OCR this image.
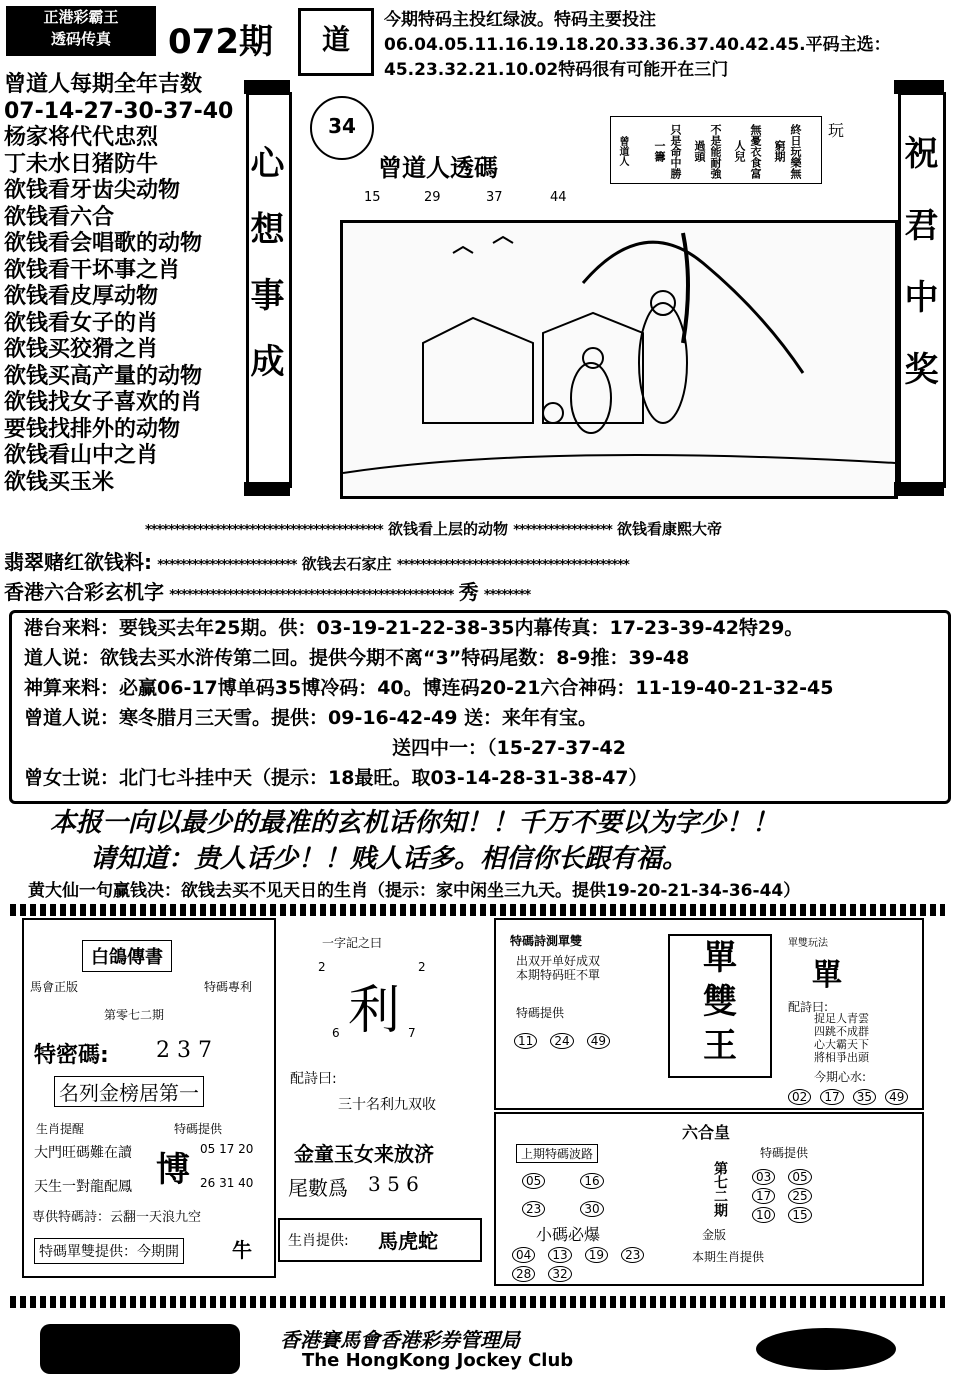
正港彩霸王
透码传真	072期	道
今期特码主投红绿波。特码主要投注06.04.05.11.16.19.18.20.33.36.37.40.42.45.平码主选：45.23.32.21.10.02特码很有可能开在三门
曾道人每期全年吉数
07-14-27-30-37-40
杨家将代代忠烈
丁未水日猪防牛
欲钱看牙齿尖动物
欲钱看六合
欲钱看会唱歌的动物
欲钱看干坏事之肖
欲钱看皮厚动物
欲钱看女子的肖
欲钱买狡猾之肖
欲钱买高产量的动物
欲钱找女子喜欢的肖
要钱找排外的动物
欲钱看山中之肖
欲钱买玉米
心想事成
34
曾道人透碼
15	29	37	44
曾道人	只是命中勝一籌	不是能耐強過頭	無憂衣食富人兒	終日玩樂無窮期
玩
祝君中奖
***************************************** 欲钱看上层的动物 ***************** 欲钱看康熙大帝
翡翠赌红欲钱料: ************************ 欲钱去石家庄 ****************************************
香港六合彩玄机字 ************************************************* 秀 ********
港台来料：要钱买去年25期。供：03-19-21-22-38-35内幕传真：17-23-39-42特29。
道人说：欲钱去买水浒传第二回。提供今期不离“3”特码尾数：8-9推：39-48
神算来料：必赢06-17博单码35博冷码：40。博连码20-21六合神码：11-19-40-21-32-45
曾道人说：寒冬腊月三天雪。提供：09-16-42-49 送：来年有宝。
送四中一：（15-27-37-42
曾女士说：北门七斗挂中天（提示：18最旺。取03-14-28-31-38-47）
本报一向以最少的最准的玄机话你知！！千万不要以为字少！！
请知道：贵人话少！！贱人话多。相信你长跟有福。
黄大仙一句赢钱决：欲钱去买不见天日的生肖（提示：家中闲坐三九天。提供19-20-21-34-36-44）
白鴿傳書
馬會正版
第零七二期
特碼專利
特密碼: 2 3 7
名列金榜居第一
生肖提醒
大門旺碼難在讀
天生一對龍配鳳
特碼提供
博
05 17 20
26 31 40
専供特碼詩：云翻一天浪九空
特碼單雙提供：今期開	牛
一字記之曰
2	2
利
6	7
配詩曰:
三十名利九双收
金童玉女来放济
尾數爲 3 5 6
生肖提供: 馬虎蛇
特碼詩測單雙
出双开单好成双
本期特码旺不單
特碼提供
11 24 49
單
雙
王
單雙玩法
單
配詩曰:
捉足人青雲
四跳不成群
心大霸天下
將相爭出頭
今期心水:
02 17 35 49
六合皇
上期特碼波路
05	16
23	30	第七二期
金版
特碼提供
03 05 17 25 10 15
小碼必爆
04 13 19 23 28 32
本期生肖提供
香港賽馬會香港彩券管理局
The HongKong Jockey Club
